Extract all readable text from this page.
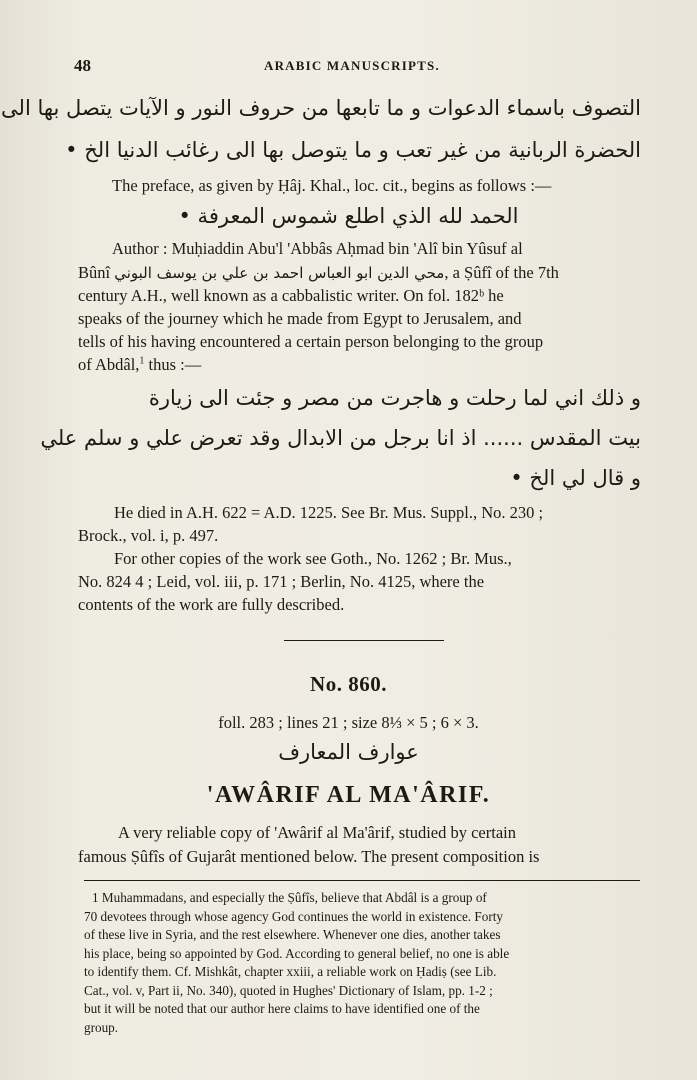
48	ARABIC MANUSCRIPTS.
التصوف باسماء الدعوات و ما تابعها من حروف النور و الآيات يتصل بها الى
الحضرة الربانية من غير تعب و ما يتوصل بها الى رغائب الدنيا الخ •
The preface, as given by Ḥâj. Khal., loc. cit., begins as follows :—
الحمد لله الذي اطلع شموس المعرفة •
Author : Muḥiaddin Abu'l 'Abbâs Aḥmad bin 'Alî bin Yûsuf al
Bûnî محي الدين ابو العباس احمد بن علي بن يوسف البوني, a Ṣûfî of the 7th
century A.H., well known as a cabbalistic writer. On fol. 182ᵇ he
speaks of the journey which he made from Egypt to Jerusalem, and
tells of his having encountered a certain person belonging to the group
of Abdâl,$^1$ thus :—
و ذلك اني لما رحلت و هاجرت من مصر و جئت الى زيارة
بيت المقدس ...... اذ انا برجل من الابدال وقد تعرض علي و سلم علي
و قال لي الخ •
He died in A.H. 622 = A.D. 1225. See Br. Mus. Suppl., No. 230 ;
Brock., vol. i, p. 497.
For other copies of the work see Goth., No. 1262 ; Br. Mus.,
No. 824 4 ; Leid, vol. iii, p. 171 ; Berlin, No. 4125, where the
contents of the work are fully described.
No. 860.
foll. 283 ; lines 21 ; size 8⅓ × 5 ; 6 × 3.
عوارف المعارف
'AWÂRIF AL MA'ÂRIF.
A very reliable copy of 'Awârif al Ma'ârif, studied by certain
famous Ṣûfîs of Gujarât mentioned below. The present composition is
1 Muhammadans, and especially the Ṣûfîs, believe that Abdâl is a group of
70 devotees through whose agency God continues the world in existence. Forty
of these live in Syria, and the rest elsewhere. Whenever one dies, another takes
his place, being so appointed by God. According to general belief, no one is able
to identify them. Cf. Mishkât, chapter xxiii, a reliable work on Ḥadiṣ (see Lib.
Cat., vol. v, Part ii, No. 340), quoted in Hughes' Dictionary of Islam, pp. 1-2 ;
but it will be noted that our author here claims to have identified one of the
group.
